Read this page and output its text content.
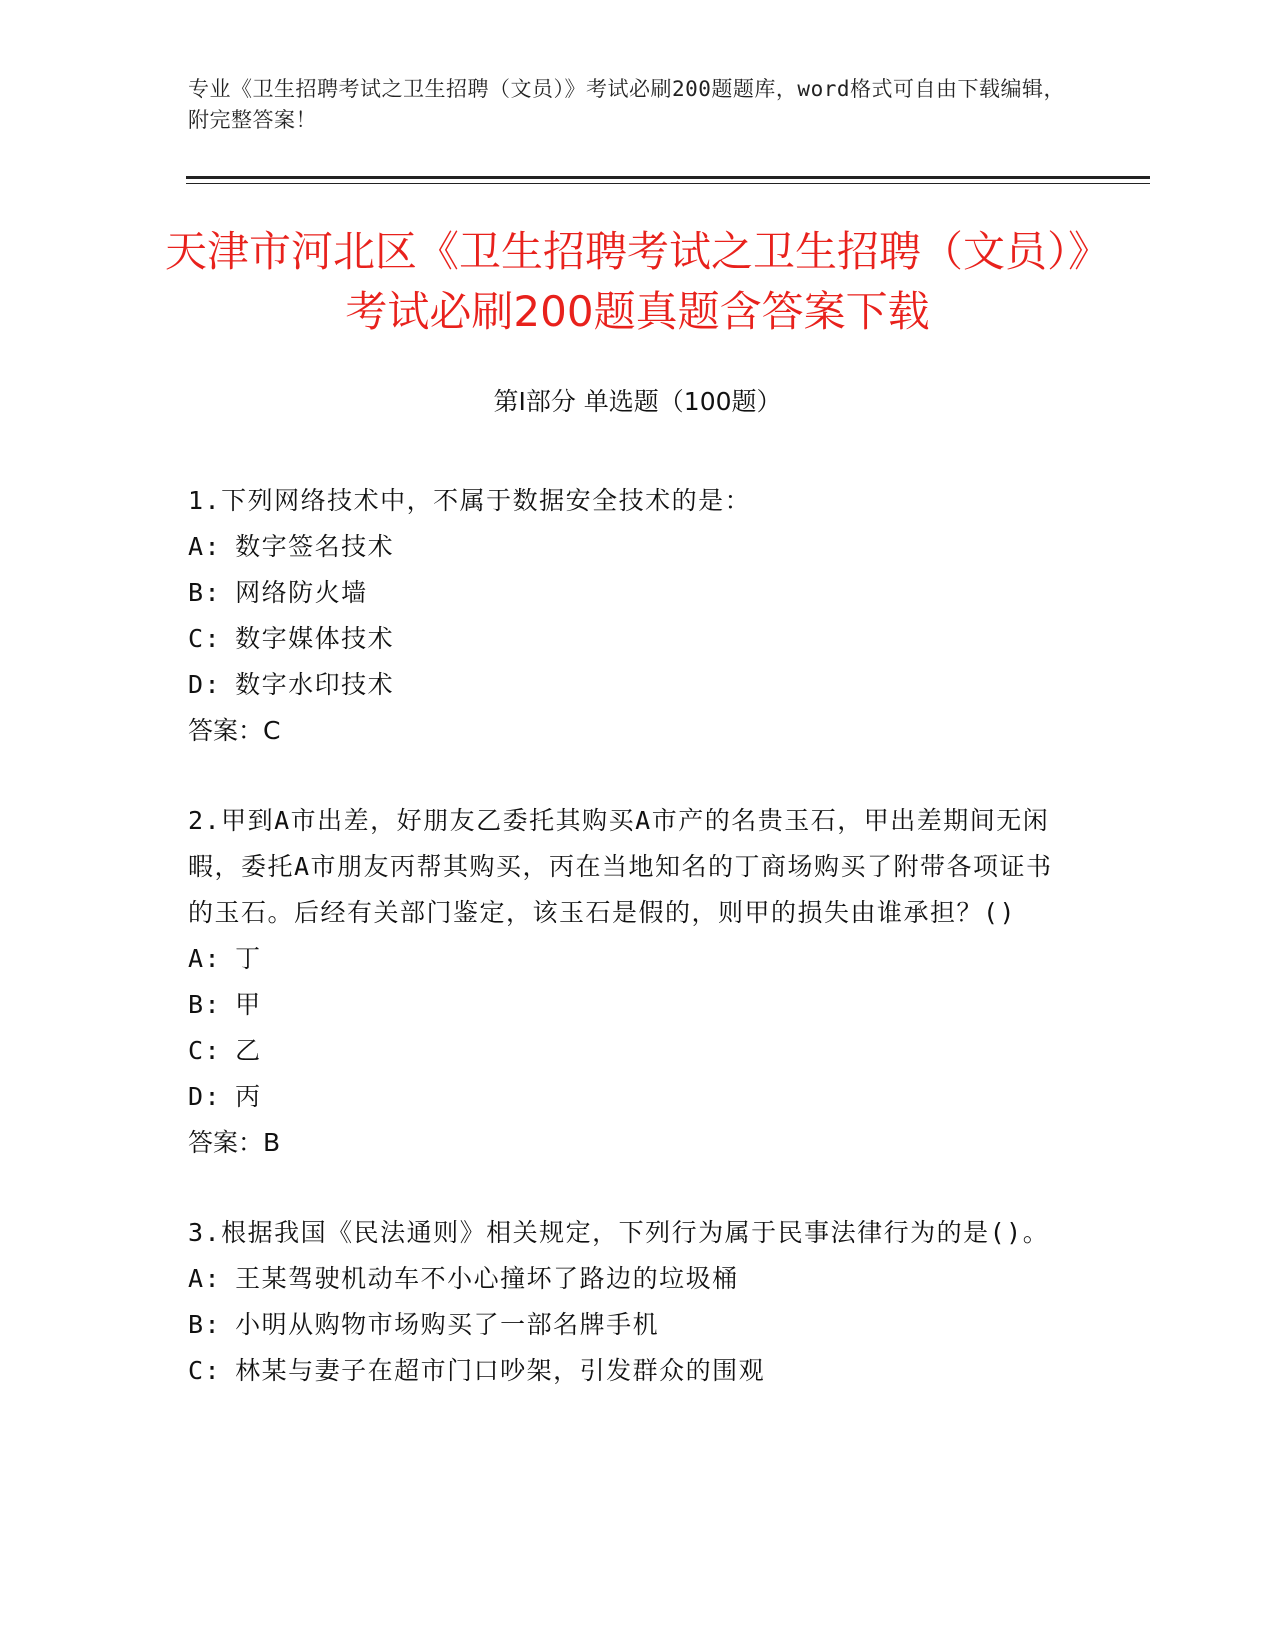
专业《卫生招聘考试之卫生招聘（文员）》考试必刷200题题库，word格式可自由下载编辑，附完整答案！
天津市河北区《卫生招聘考试之卫生招聘（文员）》考试必刷200题真题含答案下载
第Ⅰ部分 单选题（100题）
1.下列网络技术中，不属于数据安全技术的是：
A: 数字签名技术
B: 网络防火墙
C: 数字媒体技术
D: 数字水印技术
答案：C
2.甲到A市出差，好朋友乙委托其购买A市产的名贵玉石，甲出差期间无闲暇，委托A市朋友丙帮其购买，丙在当地知名的丁商场购买了附带各项证书的玉石。后经有关部门鉴定，该玉石是假的，则甲的损失由谁承担？()
A: 丁
B: 甲
C: 乙
D: 丙
答案：B
3.根据我国《民法通则》相关规定，下列行为属于民事法律行为的是()。
A: 王某驾驶机动车不小心撞坏了路边的垃圾桶
B: 小明从购物市场购买了一部名牌手机
C: 林某与妻子在超市门口吵架，引发群众的围观
